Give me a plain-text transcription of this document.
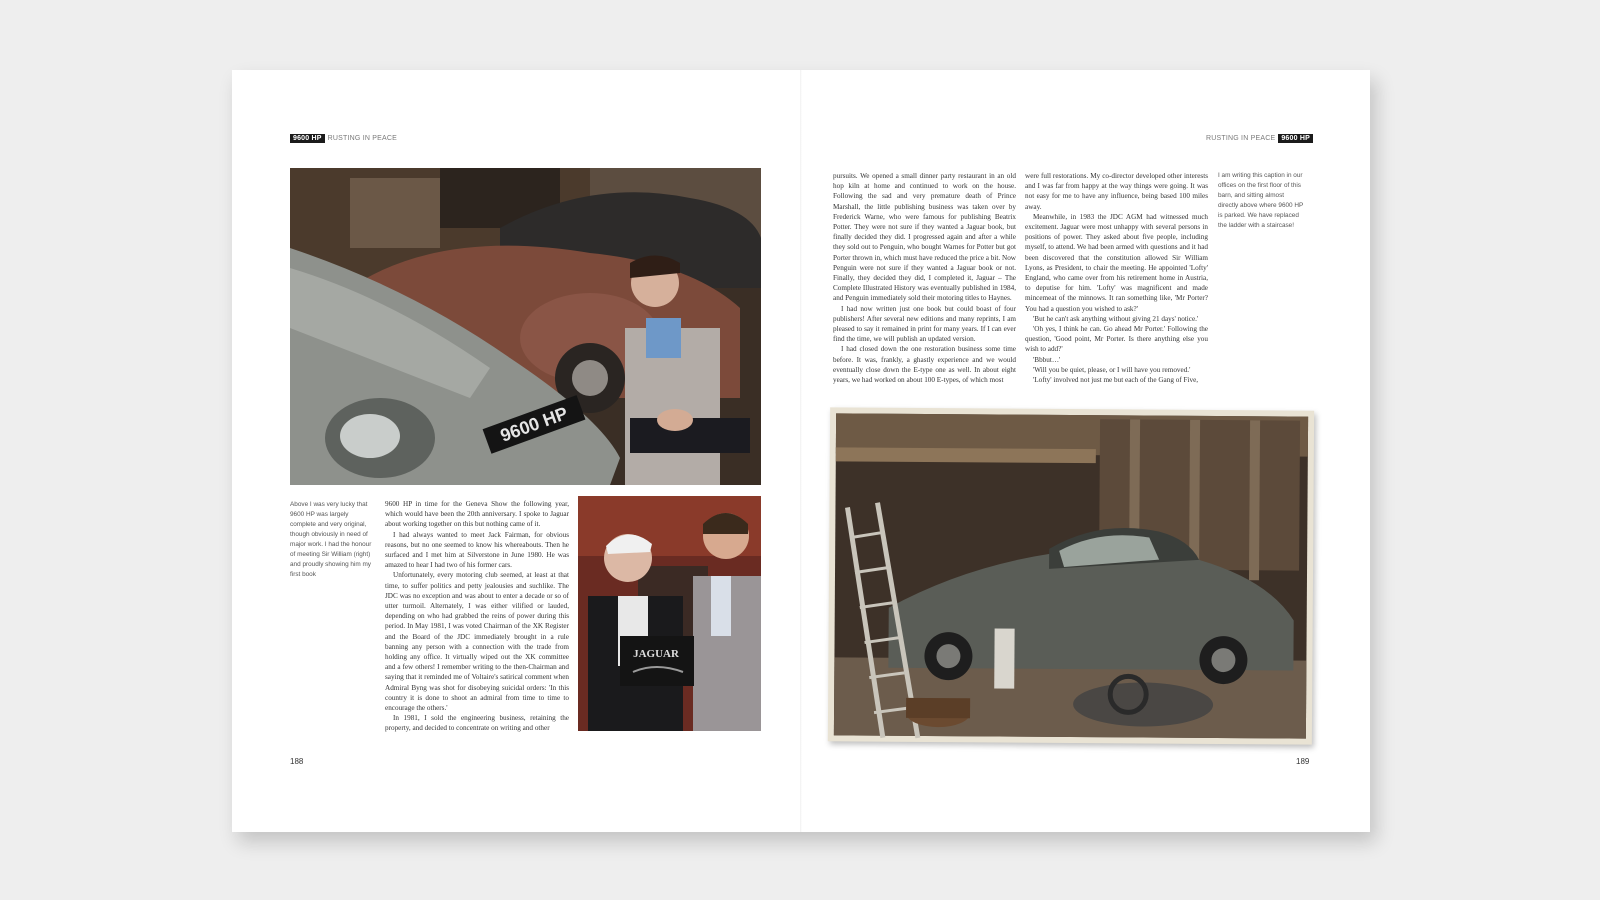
9600 HP RUSTING IN PEACE
9600 HP
Above I was very lucky that 9600 HP was largely complete and very original, though obviously in need of major work. I had the honour of meeting Sir William (right) and proudly showing him my first book

9600 HP in time for the Geneva Show the following year, which would have been the 20th anniversary. I spoke to Jaguar about working together on this but nothing came of it.

I had always wanted to meet Jack Fairman, for obvious reasons, but no one seemed to know his whereabouts. Then he surfaced and I met him at Silverstone in June 1980. He was amazed to hear I had two of his former cars.

Unfortunately, every motoring club seemed, at least at that time, to suffer politics and petty jealousies and suchlike. The JDC was no exception and was about to enter a decade or so of utter turmoil. Alternately, I was either vilified or lauded, depending on who had grabbed the reins of power during this period. In May 1981, I was voted Chairman of the XK Register and the Board of the JDC immediately brought in a rule banning any person with a connection with the trade from holding any office. It virtually wiped out the XK committee and a few others! I remember writing to the then-Chairman and saying that it reminded me of Voltaire's satirical comment when Admiral Byng was shot for disobeying suicidal orders: 'In this country it is done to shoot an admiral from time to time to encourage the others.'

In 1981, I sold the engineering business, retaining the property, and decided to concentrate on writing and other

JAGUAR
188
RUSTING IN PEACE 9600 HP

pursuits. We opened a small dinner party restaurant in an old hop kiln at home and continued to work on the house. Following the sad and very premature death of Prince Marshall, the little publishing business was taken over by Frederick Warne, who were famous for publishing Beatrix Potter. They were not sure if they wanted a Jaguar book, but finally decided they did. I progressed again and after a while they sold out to Penguin, who bought Warnes for Potter but got Porter thrown in, which must have reduced the price a bit. Now Penguin were not sure if they wanted a Jaguar book or not. Finally, they decided they did, I completed it, Jaguar – The Complete Illustrated History was eventually published in 1984, and Penguin immediately sold their motoring titles to Haynes.

I had now written just one book but could boast of four publishers! After several new editions and many reprints, I am pleased to say it remained in print for many years. If I can ever find the time, we will publish an updated version.

I had closed down the one restoration business some time before. It was, frankly, a ghastly experience and we would eventually close down the E-type one as well. In about eight years, we had worked on about 100 E-types, of which most

were full restorations. My co-director developed other interests and I was far from happy at the way things were going. It was not easy for me to have any influence, being based 100 miles away.

Meanwhile, in 1983 the JDC AGM had witnessed much excitement. Jaguar were most unhappy with several persons in positions of power. They asked about five people, including myself, to attend. We had been armed with questions and it had been discovered that the constitution allowed Sir William Lyons, as President, to chair the meeting. He appointed 'Lofty' England, who came over from his retirement home in Austria, to deputise for him. 'Lofty' was magnificent and made mincemeat of the minnows. It ran something like, 'Mr Porter? You had a question you wished to ask?'

'But he can't ask anything without giving 21 days' notice.'

'Oh yes, I think he can. Go ahead Mr Porter.' Following the question, 'Good point, Mr Porter. Is there anything else you wish to add?'

'Bbbut…'

'Will you be quiet, please, or I will have you removed.'

'Lofty' involved not just me but each of the Gang of Five,

I am writing this caption in our offices on the first floor of this barn, and sitting almost directly above where 9600 HP is parked. We have replaced the ladder with a staircase!
189
